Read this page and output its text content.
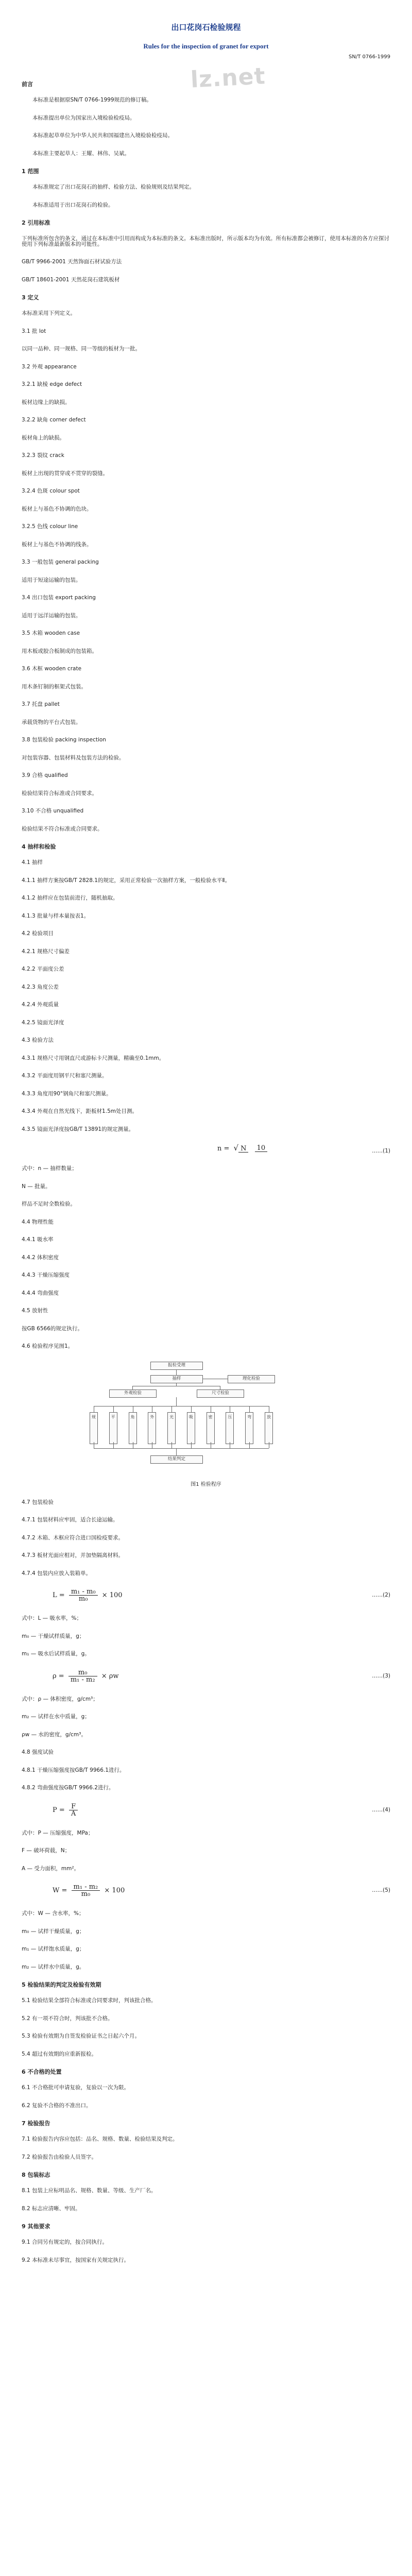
lz.net
出口花岗石检验规程
Rules for the inspection of granet for export
SN/T 0766-1999
前言
本标准是根据原SN/T 0766-1999规范的修订稿。
本标准提出单位为国家出入境检验检疫局。
本标准起草单位为中华人民共和国福建出入境检验检疫局。
本标准主要起草人：王耀、林伟、吴斌。
1 范围
本标准规定了出口花岗石的抽样、检验方法、检验规则及结果判定。
本标准适用于出口花岗石的检验。
2 引用标准
下列标准所包含的条文，通过在本标准中引用而构成为本标准的条文。本标准出版时，所示版本均为有效。所有标准都会被修订，使用本标准的各方应探讨使用下列标准最新版本的可能性。
GB/T 9966-2001 天然饰面石材试验方法
GB/T 18601-2001 天然花岗石建筑板材
3 定义
本标准采用下列定义。
3.1 批 lot
以同一品种、同一规格、同一等级的板材为一批。
3.2 外观 appearance
3.2.1 缺棱 edge defect
板材边缘上的缺损。
3.2.2 缺角 corner defect
板材角上的缺损。
3.2.3 裂纹 crack
板材上出现的贯穿或不贯穿的裂缝。
3.2.4 色斑 colour spot
板材上与基色不协调的色块。
3.2.5 色线 colour line
板材上与基色不协调的线条。
3.3 一般包装 general packing
适用于短途运输的包装。
3.4 出口包装 export packing
适用于远洋运输的包装。
3.5 木箱 wooden case
用木板或胶合板制成的包装箱。
3.6 木框 wooden crate
用木条钉制的框架式包装。
3.7 托盘 pallet
承载货物的平台式包装。
3.8 包装检验 packing inspection
对包装容器、包装材料及包装方法的检验。
3.9 合格 qualified
检验结果符合标准或合同要求。
3.10 不合格 unqualified
检验结果不符合标准或合同要求。
4 抽样和检验
4.1 抽样
4.1.1 抽样方案按GB/T 2828.1的规定，采用正常检验一次抽样方案，一般检验水平Ⅱ。
4.1.2 抽样应在包装前进行，随机抽取。
4.1.3 批量与样本量按表1。
4.2 检验项目
4.2.1 规格尺寸偏差
4.2.2 平面度公差
4.2.3 角度公差
4.2.4 外观质量
4.2.5 镜面光泽度
4.3 检验方法
4.3.1 规格尺寸用钢直尺或游标卡尺测量，精确至0.1mm。
4.3.2 平面度用钢平尺和塞尺测量。
4.3.3 角度用90°钢角尺和塞尺测量。
4.3.4 外观在自然光线下，距板材1.5m处目测。
4.3.5 镜面光泽度按GB/T 13891的规定测量。
n = √ N	10	……(1)
式中：n — 抽样数量；
N — 批量。
样品不足时全数检验。
4.4 物理性能
4.4.1 吸水率
4.4.2 体积密度
4.4.3 干燥压缩强度
4.4.4 弯曲强度
4.5 放射性
按GB 6566的规定执行。
4.6 检验程序见图1。
报检受理
抽样	理化检验
外观检验	尺寸检验
规	平	角	外	光	吸	密	压	弯	放
结果判定
图1 检验程序
4.7 包装检验
4.7.1 包装材料应牢固，适合长途运输。
4.7.2 木箱、木框应符合进口国检疫要求。
4.7.3 板材光面应相对，并加垫隔离材料。
4.7.4 包装内应放入装箱单。
$L = \frac{\text{m₁ - m₀}}{\text{m₀}} \times 100$	……(2)
式中：L — 吸水率，%；
m₀ — 干燥试样质量，g；
m₁ — 吸水后试样质量，g。
$\rho = \frac{\text{m₀}}{\text{m₁ - m₂}} \times \rho w$	……(3)
式中：ρ — 体积密度，g/cm³；
m₂ — 试样在水中质量，g；
ρw — 水的密度，g/cm³。
4.8 强度试验
4.8.1 干燥压缩强度按GB/T 9966.1进行。
4.8.2 弯曲强度按GB/T 9966.2进行。
$P = \frac{F}{A}$	……(4)
式中：P — 压缩强度，MPa；
F — 破坏荷载，N；
A — 受力面积，mm²。
$W = \frac{\text{m₁ - m₂}}{\text{m₀}} \times 100$	……(5)
式中：W — 含水率，%；
m₀ — 试样干燥质量，g；
m₁ — 试样饱水质量，g；
m₂ — 试样水中质量，g。
5 检验结果的判定及检验有效期
5.1 检验结果全部符合标准或合同要求时，判该批合格。
5.2 有一项不符合时，判该批不合格。
5.3 检验有效期为自签发检验证书之日起六个月。
5.4 超过有效期的应重新报检。
6 不合格的处置
6.1 不合格批可申请复验，复验以一次为限。
6.2 复验不合格的不准出口。
7 检验报告
7.1 检验报告内容应包括：品名、规格、数量、检验结果及判定。
7.2 检验报告由检验人员签字。
8 包装标志
8.1 包装上应标明品名、规格、数量、等级、生产厂名。
8.2 标志应清晰、牢固。
9 其他要求
9.1 合同另有规定的，按合同执行。
9.2 本标准未尽事宜，按国家有关规定执行。
